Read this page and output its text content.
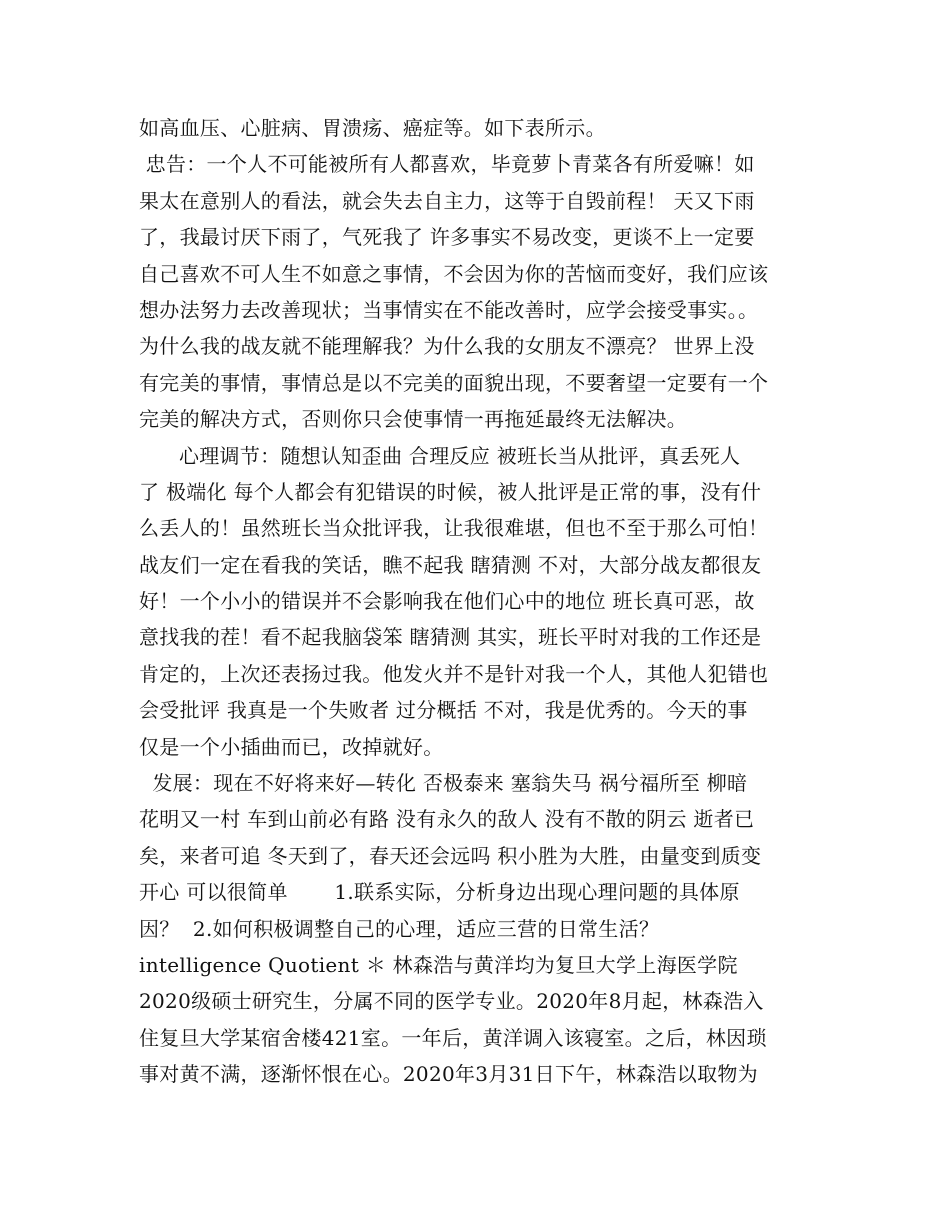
如高血压、心脏病、胃溃疡、癌症等。如下表所示。
忠告：一个人不可能被所有人都喜欢，毕竟萝卜青菜各有所爱嘛！如
果太在意别人的看法，就会失去自主力，这等于自毁前程！ 天又下雨
了，我最讨厌下雨了，气死我了 许多事实不易改变，更谈不上一定要
自己喜欢不可人生不如意之事情，不会因为你的苦恼而变好，我们应该
想办法努力去改善现状；当事情实在不能改善时，应学会接受事实。。
为什么我的战友就不能理解我？为什么我的女朋友不漂亮？ 世界上没
有完美的事情，事情总是以不完美的面貌出现，不要奢望一定要有一个
完美的解决方式，否则你只会使事情一再拖延最终无法解决。
心理调节：随想认知歪曲 合理反应 被班长当从批评，真丢死人
了 极端化 每个人都会有犯错误的时候，被人批评是正常的事，没有什
么丢人的！虽然班长当众批评我，让我很难堪，但也不至于那么可怕！
战友们一定在看我的笑话，瞧不起我 瞎猜测 不对，大部分战友都很友
好！一个小小的错误并不会影响我在他们心中的地位 班长真可恶，故
意找我的茬！看不起我脑袋笨 瞎猜测 其实，班长平时对我的工作还是
肯定的，上次还表扬过我。他发火并不是针对我一个人，其他人犯错也
会受批评 我真是一个失败者 过分概括 不对，我是优秀的。今天的事
仅是一个小插曲而已，改掉就好。
发展：现在不好将来好—转化 否极泰来 塞翁失马 祸兮福所至 柳暗
花明又一村 车到山前必有路 没有永久的敌人 没有不散的阴云 逝者已
矣，来者可追 冬天到了，春天还会远吗 积小胜为大胜，由量变到质变
开心 可以很简单       1.联系实际，分析身边出现心理问题的具体原
因？  2.如何积极调整自己的心理，适应三营的日常生活？
intelligence Quotient ＊ 林森浩与黄洋均为复旦大学上海医学院
2020级硕士研究生，分属不同的医学专业。2020年8月起，林森浩入
住复旦大学某宿舍楼421室。一年后，黄洋调入该寝室。之后，林因琐
事对黄不满，逐渐怀恨在心。2020年3月31日下午，林森浩以取物为
